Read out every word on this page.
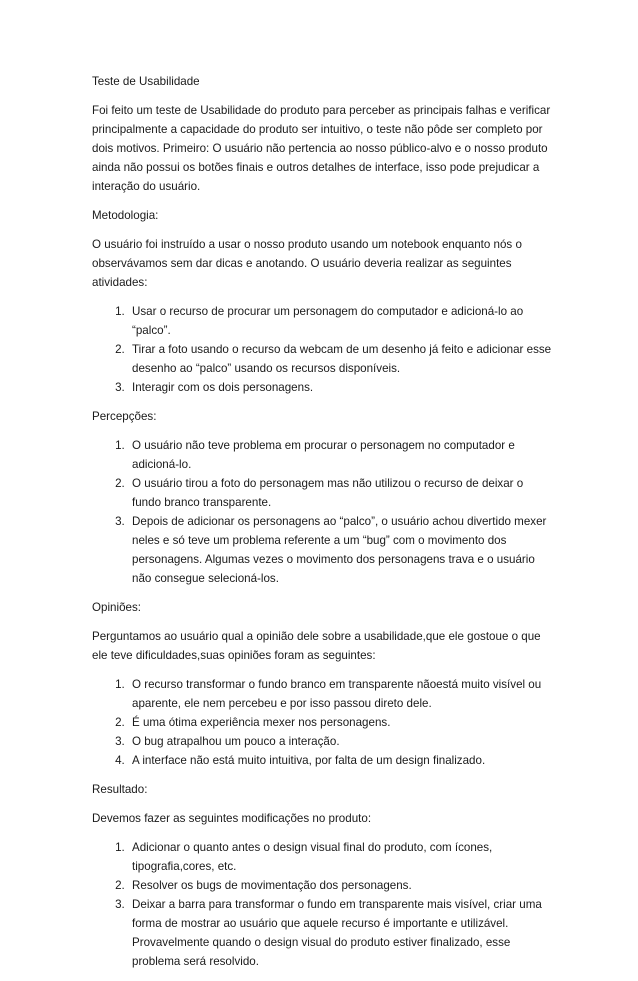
Teste de Usabilidade

Foi feito um teste de Usabilidade do produto para perceber as principais falhas e verificar principalmente a capacidade do produto ser intuitivo, o teste não pôde ser completo por dois motivos. Primeiro: O usuário não pertencia ao nosso público-alvo e o nosso produto ainda não possui os botões finais e outros detalhes de interface, isso pode prejudicar a interação do usuário.

Metodologia:

O usuário foi instruído a usar o nosso produto usando um notebook enquanto nós o observávamos sem dar dicas e anotando. O usuário deveria realizar as seguintes atividades:

1. Usar o recurso de procurar um personagem do computador e adicioná-lo ao “palco”.
2. Tirar a foto usando o recurso da webcam de um desenho já feito e adicionar esse desenho ao “palco” usando os recursos disponíveis.
3. Interagir com os dois personagens.

Percepções:

1. O usuário não teve problema em procurar o personagem no computador e adicioná-lo.
2. O usuário tirou a foto do personagem mas não utilizou o recurso de deixar o fundo branco transparente.
3. Depois de adicionar os personagens ao “palco”, o usuário achou divertido mexer neles e só teve um problema referente a um “bug” com o movimento dos personagens. Algumas vezes o movimento dos personagens trava e o usuário não consegue selecioná-los.

Opiniões:

Perguntamos ao usuário qual a opinião dele sobre a usabilidade,que ele gostoue o que ele teve dificuldades,suas opiniões foram as seguintes:

1. O recurso transformar o fundo branco em transparente nãoestá muito visível ou aparente, ele nem percebeu e por isso passou direto dele.
2. É uma ótima experiência mexer nos personagens.
3. O bug atrapalhou um pouco a interação.
4. A interface não está muito intuitiva, por falta de um design finalizado.

Resultado:

Devemos fazer as seguintes modificações no produto:

1. Adicionar o quanto antes o design visual final do produto, com ícones, tipografia,cores, etc.
2. Resolver os bugs de movimentação dos personagens.
3. Deixar a barra para transformar o fundo em transparente mais visível, criar uma forma de mostrar ao usuário que aquele recurso é importante e utilizável. Provavelmente quando o design visual do produto estiver finalizado, esse problema será resolvido.
